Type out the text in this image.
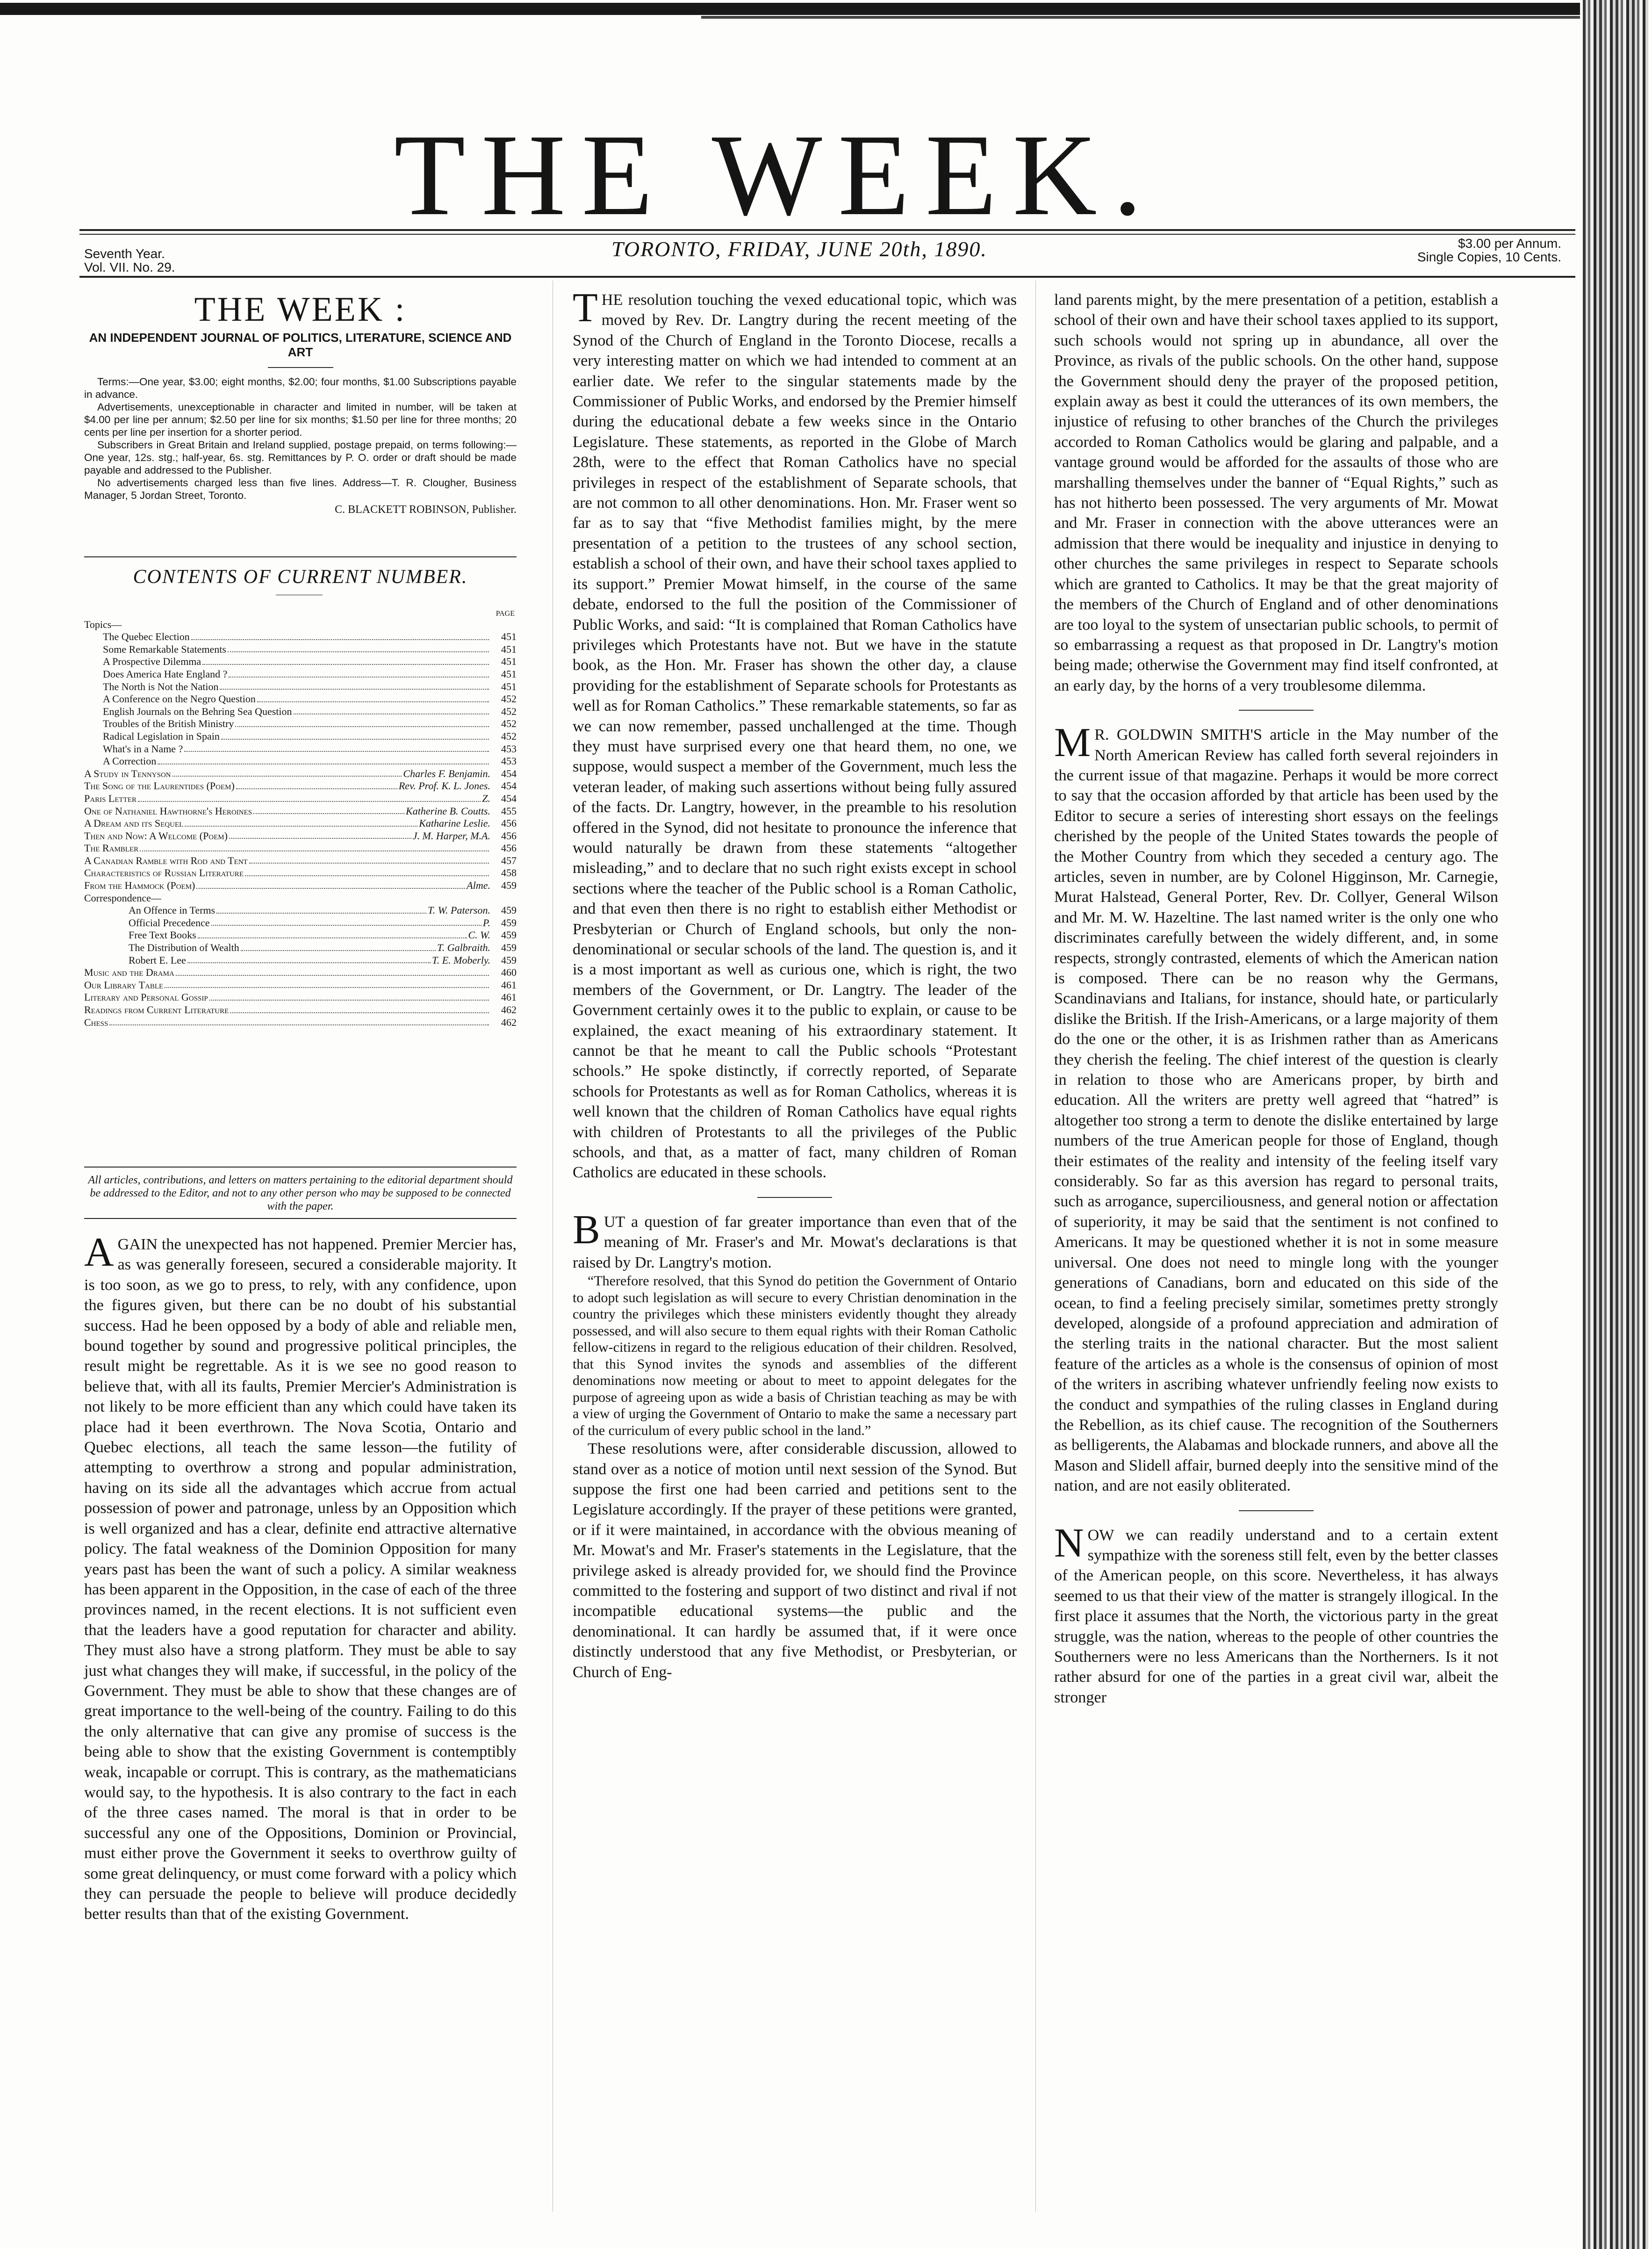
THE WEEK.
Seventh Year.
Vol. VII. No. 29.
TORONTO, FRIDAY, JUNE 20th, 1890.	$3.00 per Annum.
Single Copies, 10 Cents.
THE WEEK :
AN INDEPENDENT JOURNAL OF POLITICS, LITERATURE, SCIENCE AND ART

Terms:—One year, $3.00; eight months, $2.00; four months, $1.00 Subscriptions payable in advance.

Advertisements, unexceptionable in character and limited in number, will be taken at $4.00 per line per annum; $2.50 per line for six months; $1.50 per line for three months; 20 cents per line per insertion for a shorter period.

Subscribers in Great Britain and Ireland supplied, postage prepaid, on terms following:—One year, 12s. stg.; half-year, 6s. stg. Remittances by P. O. order or draft should be made payable and addressed to the Publisher.

No advertisements charged less than five lines. Address—T. R. Clougher, Business Manager, 5 Jordan Street, Toronto.

C. BLACKETT ROBINSON, Publisher.
CONTENTS OF CURRENT NUMBER.
PAGE
Topics—
The Quebec Election	451
Some Remarkable Statements	451
A Prospective Dilemma	451
Does America Hate England ?	451
The North is Not the Nation	451
A Conference on the Negro Question	452
English Journals on the Behring Sea Question	452
Troubles of the British Ministry	452
Radical Legislation in Spain	452
What's in a Name ?	453
A Correction	453
A Study in Tennyson	Charles F. Benjamin.	454
The Song of the Laurentides (Poem)	Rev. Prof. K. L. Jones.	454
Paris Letter	Z.	454
One of Nathaniel Hawthorne's Heroines	Katherine B. Coutts.	455
A Dream and its Sequel	Katharine Leslie.	456
Then and Now: A Welcome (Poem)	J. M. Harper, M.A.	456
The Rambler	456
A Canadian Ramble with Rod and Tent	457
Characteristics of Russian Literature	458
From the Hammock (Poem)	Alme.	459
Correspondence—
An Offence in Terms	T. W. Paterson.	459
Official Precedence	P.	459
Free Text Books	C. W.	459
The Distribution of Wealth	T. Galbraith.	459
Robert E. Lee	T. E. Moberly.	459
Music and the Drama	460
Our Library Table	461
Literary and Personal Gossip	461
Readings from Current Literature	462
Chess	462
All articles, contributions, and letters on matters pertaining to the editorial department should be addressed to the Editor, and not to any other person who may be supposed to be connected with the paper.

AGAIN the unexpected has not happened. Premier Mercier has, as was generally foreseen, secured a considerable majority. It is too soon, as we go to press, to rely, with any confidence, upon the figures given, but there can be no doubt of his substantial success. Had he been opposed by a body of able and reliable men, bound together by sound and progressive political principles, the result might be regrettable. As it is we see no good reason to believe that, with all its faults, Premier Mercier's Administration is not likely to be more efficient than any which could have taken its place had it been everthrown. The Nova Scotia, Ontario and Quebec elections, all teach the same lesson—the futility of attempting to overthrow a strong and popular administration, having on its side all the advantages which accrue from actual possession of power and patronage, unless by an Opposition which is well organized and has a clear, definite end attractive alternative policy. The fatal weakness of the Dominion Opposition for many years past has been the want of such a policy. A similar weakness has been apparent in the Opposition, in the case of each of the three provinces named, in the recent elections. It is not sufficient even that the leaders have a good reputation for character and ability. They must also have a strong platform. They must be able to say just what changes they will make, if successful, in the policy of the Government. They must be able to show that these changes are of great importance to the well-being of the country. Failing to do this the only alternative that can give any promise of success is the being able to show that the existing Government is contemptibly weak, incapable or corrupt. This is contrary, as the mathematicians would say, to the hypothesis. It is also contrary to the fact in each of the three cases named. The moral is that in order to be successful any one of the Oppositions, Dominion or Provincial, must either prove the Government it seeks to overthrow guilty of some great delinquency, or must come forward with a policy which they can persuade the people to believe will produce decidedly better results than that of the existing Government.

THE resolution touching the vexed educational topic, which was moved by Rev. Dr. Langtry during the recent meeting of the Synod of the Church of England in the Toronto Diocese, recalls a very interesting matter on which we had intended to comment at an earlier date. We refer to the singular statements made by the Commissioner of Public Works, and endorsed by the Premier himself during the educational debate a few weeks since in the Ontario Legislature. These statements, as reported in the Globe of March 28th, were to the effect that Roman Catholics have no special privileges in respect of the establishment of Separate schools, that are not common to all other denominations. Hon. Mr. Fraser went so far as to say that “five Methodist families might, by the mere presentation of a petition to the trustees of any school section, establish a school of their own, and have their school taxes applied to its support.” Premier Mowat himself, in the course of the same debate, endorsed to the full the position of the Commissioner of Public Works, and said: “It is complained that Roman Catholics have privileges which Protestants have not. But we have in the statute book, as the Hon. Mr. Fraser has shown the other day, a clause providing for the establishment of Separate schools for Protestants as well as for Roman Catholics.” These remarkable statements, so far as we can now remember, passed unchallenged at the time. Though they must have surprised every one that heard them, no one, we suppose, would suspect a member of the Government, much less the veteran leader, of making such assertions without being fully assured of the facts. Dr. Langtry, however, in the preamble to his resolution offered in the Synod, did not hesitate to pronounce the inference that would naturally be drawn from these statements “altogether misleading,” and to declare that no such right exists except in school sections where the teacher of the Public school is a Roman Catholic, and that even then there is no right to establish either Methodist or Presbyterian or Church of England schools, but only the non-denominational or secular schools of the land. The question is, and it is a most important as well as curious one, which is right, the two members of the Government, or Dr. Langtry. The leader of the Government certainly owes it to the public to explain, or cause to be explained, the exact meaning of his extraordinary statement. It cannot be that he meant to call the Public schools “Protestant schools.” He spoke distinctly, if correctly reported, of Separate schools for Protestants as well as for Roman Catholics, whereas it is well known that the children of Roman Catholics have equal rights with children of Protestants to all the privileges of the Public schools, and that, as a matter of fact, many children of Roman Catholics are educated in these schools.

BUT a question of far greater importance than even that of the meaning of Mr. Fraser's and Mr. Mowat's declarations is that raised by Dr. Langtry's motion.

“Therefore resolved, that this Synod do petition the Government of Ontario to adopt such legislation as will secure to every Christian denomination in the country the privileges which these ministers evidently thought they already possessed, and will also secure to them equal rights with their Roman Catholic fellow-citizens in regard to the religious education of their children. Resolved, that this Synod invites the synods and assemblies of the different denominations now meeting or about to meet to appoint delegates for the purpose of agreeing upon as wide a basis of Christian teaching as may be with a view of urging the Government of Ontario to make the same a necessary part of the curriculum of every public school in the land.”

These resolutions were, after considerable discussion, allowed to stand over as a notice of motion until next session of the Synod. But suppose the first one had been carried and petitions sent to the Legislature accordingly. If the prayer of these petitions were granted, or if it were maintained, in accordance with the obvious meaning of Mr. Mowat's and Mr. Fraser's statements in the Legislature, that the privilege asked is already provided for, we should find the Province committed to the fostering and support of two distinct and rival if not incompatible educational systems—the public and the denominational. It can hardly be assumed that, if it were once distinctly understood that any five Methodist, or Presbyterian, or Church of Eng-

land parents might, by the mere presentation of a petition, establish a school of their own and have their school taxes applied to its support, such schools would not spring up in abundance, all over the Province, as rivals of the public schools. On the other hand, suppose the Government should deny the prayer of the proposed petition, explain away as best it could the utterances of its own members, the injustice of refusing to other branches of the Church the privileges accorded to Roman Catholics would be glaring and palpable, and a vantage ground would be afforded for the assaults of those who are marshalling themselves under the banner of “Equal Rights,” such as has not hitherto been possessed. The very arguments of Mr. Mowat and Mr. Fraser in connection with the above utterances were an admission that there would be inequality and injustice in denying to other churches the same privileges in respect to Separate schools which are granted to Catholics. It may be that the great majority of the members of the Church of England and of other denominations are too loyal to the system of unsectarian public schools, to permit of so embarrassing a request as that proposed in Dr. Langtry's motion being made; otherwise the Government may find itself confronted, at an early day, by the horns of a very troublesome dilemma.

M R. GOLDWIN SMITH'S article in the May number of the North American Review has called forth several rejoinders in the current issue of that magazine. Perhaps it would be more correct to say that the occasion afforded by that article has been used by the Editor to secure a series of interesting short essays on the feelings cherished by the people of the United States towards the people of the Mother Country from which they seceded a century ago. The articles, seven in number, are by Colonel Higginson, Mr. Carnegie, Murat Halstead, General Porter, Rev. Dr. Collyer, General Wilson and Mr. M. W. Hazeltine. The last named writer is the only one who discriminates carefully between the widely different, and, in some respects, strongly contrasted, elements of which the American nation is composed. There can be no reason why the Germans, Scandinavians and Italians, for instance, should hate, or particularly dislike the British. If the Irish-Americans, or a large majority of them do the one or the other, it is as Irishmen rather than as Americans they cherish the feeling. The chief interest of the question is clearly in relation to those who are Americans proper, by birth and education. All the writers are pretty well agreed that “hatred” is altogether too strong a term to denote the dislike entertained by large numbers of the true American people for those of England, though their estimates of the reality and intensity of the feeling itself vary considerably. So far as this aversion has regard to personal traits, such as arrogance, superciliousness, and general notion or affectation of superiority, it may be said that the sentiment is not confined to Americans. It may be questioned whether it is not in some measure universal. One does not need to mingle long with the younger generations of Canadians, born and educated on this side of the ocean, to find a feeling precisely similar, sometimes pretty strongly developed, alongside of a profound appreciation and admiration of the sterling traits in the national character. But the most salient feature of the articles as a whole is the consensus of opinion of most of the writers in ascribing whatever unfriendly feeling now exists to the conduct and sympathies of the ruling classes in England during the Rebellion, as its chief cause. The recognition of the Southerners as belligerents, the Alabamas and blockade runners, and above all the Mason and Slidell affair, burned deeply into the sensitive mind of the nation, and are not easily obliterated.

NOW we can readily understand and to a certain extent sympathize with the soreness still felt, even by the better classes of the American people, on this score. Nevertheless, it has always seemed to us that their view of the matter is strangely illogical. In the first place it assumes that the North, the victorious party in the great struggle, was the nation, whereas to the people of other countries the Southerners were no less Americans than the Northerners. Is it not rather absurd for one of the parties in a great civil war, albeit the stronger
